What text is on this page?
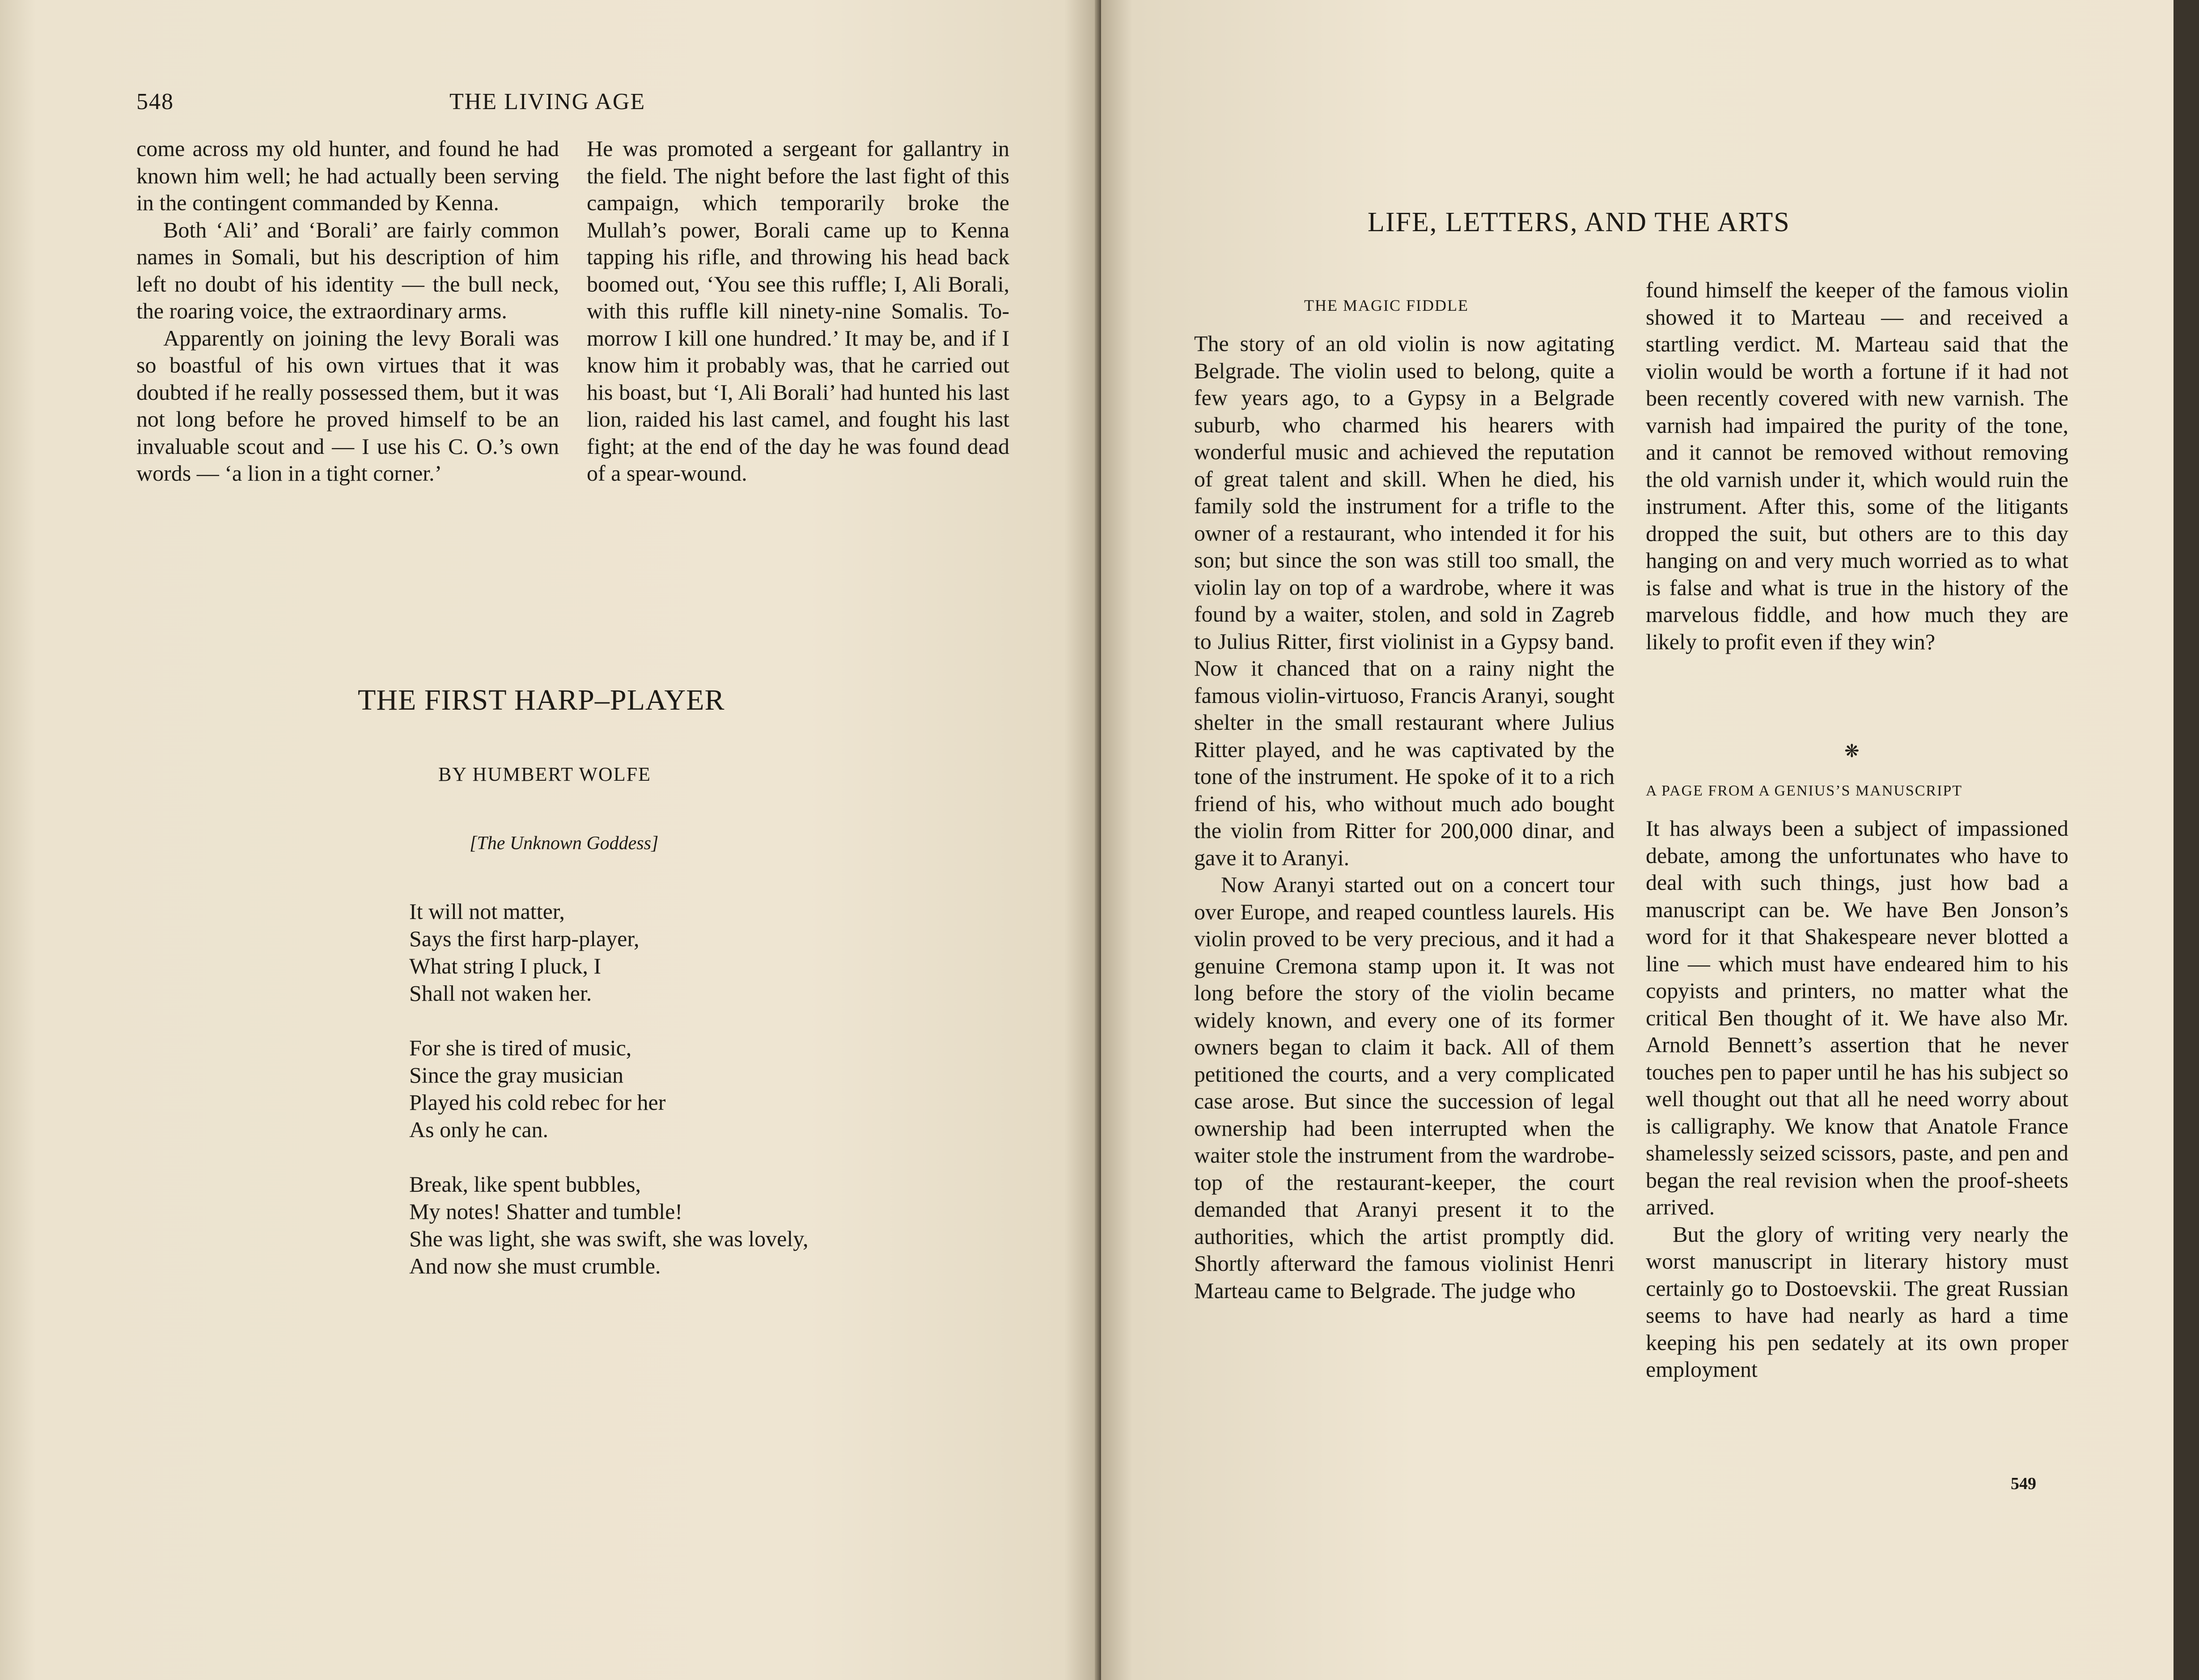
548	THE LIVING AGE

come across my old hunter, and found he had known him well; he had actually been serving in the contingent commanded by Kenna.

Both ‘Ali’ and ‘Borali’ are fairly common names in Somali, but his description of him left no doubt of his identity — the bull neck, the roaring voice, the extraordinary arms.

Apparently on joining the levy Borali was so boastful of his own virtues that it was doubted if he really possessed them, but it was not long before he proved himself to be an invaluable scout and — I use his C. O.’s own words — ‘a lion in a tight corner.’

He was promoted a sergeant for gallantry in the field. The night before the last fight of this campaign, which temporarily broke the Mullah’s power, Borali came up to Kenna tapping his rifle, and throwing his head back boomed out, ‘You see this ruffle; I, Ali Borali, with this ruffle kill ninety-nine Somalis. To-morrow I kill one hundred.’ It may be, and if I know him it probably was, that he carried out his boast, but ‘I, Ali Borali’ had hunted his last lion, raided his last camel, and fought his last fight; at the end of the day he was found dead of a spear-wound.

THE FIRST HARP–PLAYER
BY HUMBERT WOLFE
[The Unknown Goddess]
It will not matter,
Says the first harp-player,
What string I pluck, I
Shall not waken her.
For she is tired of music,
Since the gray musician
Played his cold rebec for her
As only he can.
Break, like spent bubbles,
My notes! Shatter and tumble!
She was light, she was swift, she was lovely,
And now she must crumble.
LIFE, LETTERS, AND THE ARTS
THE MAGIC FIDDLE

The story of an old violin is now agitating Belgrade. The violin used to belong, quite a few years ago, to a Gypsy in a Belgrade suburb, who charmed his hearers with wonderful music and achieved the reputation of great talent and skill. When he died, his family sold the instrument for a trifle to the owner of a restaurant, who intended it for his son; but since the son was still too small, the violin lay on top of a wardrobe, where it was found by a waiter, stolen, and sold in Zagreb to Julius Ritter, first violinist in a Gypsy band. Now it chanced that on a rainy night the famous violin-virtuoso, Francis Aranyi, sought shelter in the small restaurant where Julius Ritter played, and he was captivated by the tone of the instrument. He spoke of it to a rich friend of his, who without much ado bought the violin from Ritter for 200,000 dinar, and gave it to Aranyi.

Now Aranyi started out on a concert tour over Europe, and reaped countless laurels. His violin proved to be very precious, and it had a genuine Cremona stamp upon it. It was not long before the story of the violin became widely known, and every one of its former owners began to claim it back. All of them petitioned the courts, and a very complicated case arose. But since the succession of legal ownership had been interrupted when the waiter stole the instrument from the wardrobe-top of the restaurant-keeper, the court demanded that Aranyi present it to the authorities, which the artist promptly did. Shortly afterward the famous violinist Henri Marteau came to Belgrade. The judge who

found himself the keeper of the famous violin showed it to Marteau — and received a startling verdict. M. Marteau said that the violin would be worth a fortune if it had not been recently covered with new varnish. The varnish had impaired the purity of the tone, and it cannot be removed without removing the old varnish under it, which would ruin the instrument. After this, some of the litigants dropped the suit, but others are to this day hanging on and very much worried as to what is false and what is true in the history of the marvelous fiddle, and how much they are likely to profit even if they win?

❋
A PAGE FROM A GENIUS’S MANUSCRIPT

It has always been a subject of impassioned debate, among the unfortunates who have to deal with such things, just how bad a manuscript can be. We have Ben Jonson’s word for it that Shakespeare never blotted a line — which must have endeared him to his copyists and printers, no matter what the critical Ben thought of it. We have also Mr. Arnold Bennett’s assertion that he never touches pen to paper until he has his subject so well thought out that all he need worry about is calligraphy. We know that Anatole France shamelessly seized scissors, paste, and pen and began the real revision when the proof-sheets arrived.

But the glory of writing very nearly the worst manuscript in literary history must certainly go to Dostoevskii. The great Russian seems to have had nearly as hard a time keeping his pen sedately at its own proper employment

549
